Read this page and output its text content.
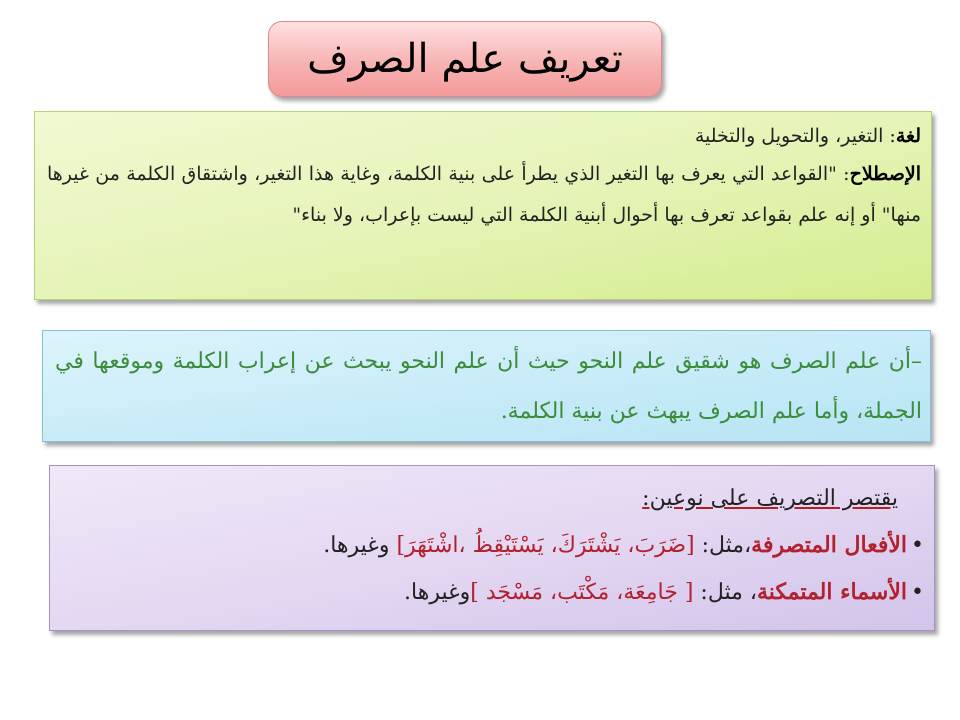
تعريف علم الصرف
لغة: التغير، والتحويل والتخلية
الإصطلاح: "القواعد التي يعرف بها التغير الذي يطرأ على بنية الكلمة، وغاية هذا التغير، واشتقاق الكلمة من غيرها منها" أو إنه علم بقواعد تعرف بها أحوال أبنية الكلمة التي ليست بإعراب، ولا بناء"
–أن علم الصرف هو شقيق علم النحو حيث أن علم النحو يبحث عن إعراب الكلمة وموقعها في الجملة، وأما علم الصرف يبهث عن بنية الكلمة.
يقتصر التصريف على نوعين:
•الأفعال المتصرفة،مثل: [ضَرَبَ، يَشْتَرَكَ، يَسْتَيْقِظُ ،اشْتَهَرَ] وغيرها.
•الأسماء المتمكنة، مثل: [ جَامِعَة، مَكْتَب، مَسْجَد ]وغيرها.
